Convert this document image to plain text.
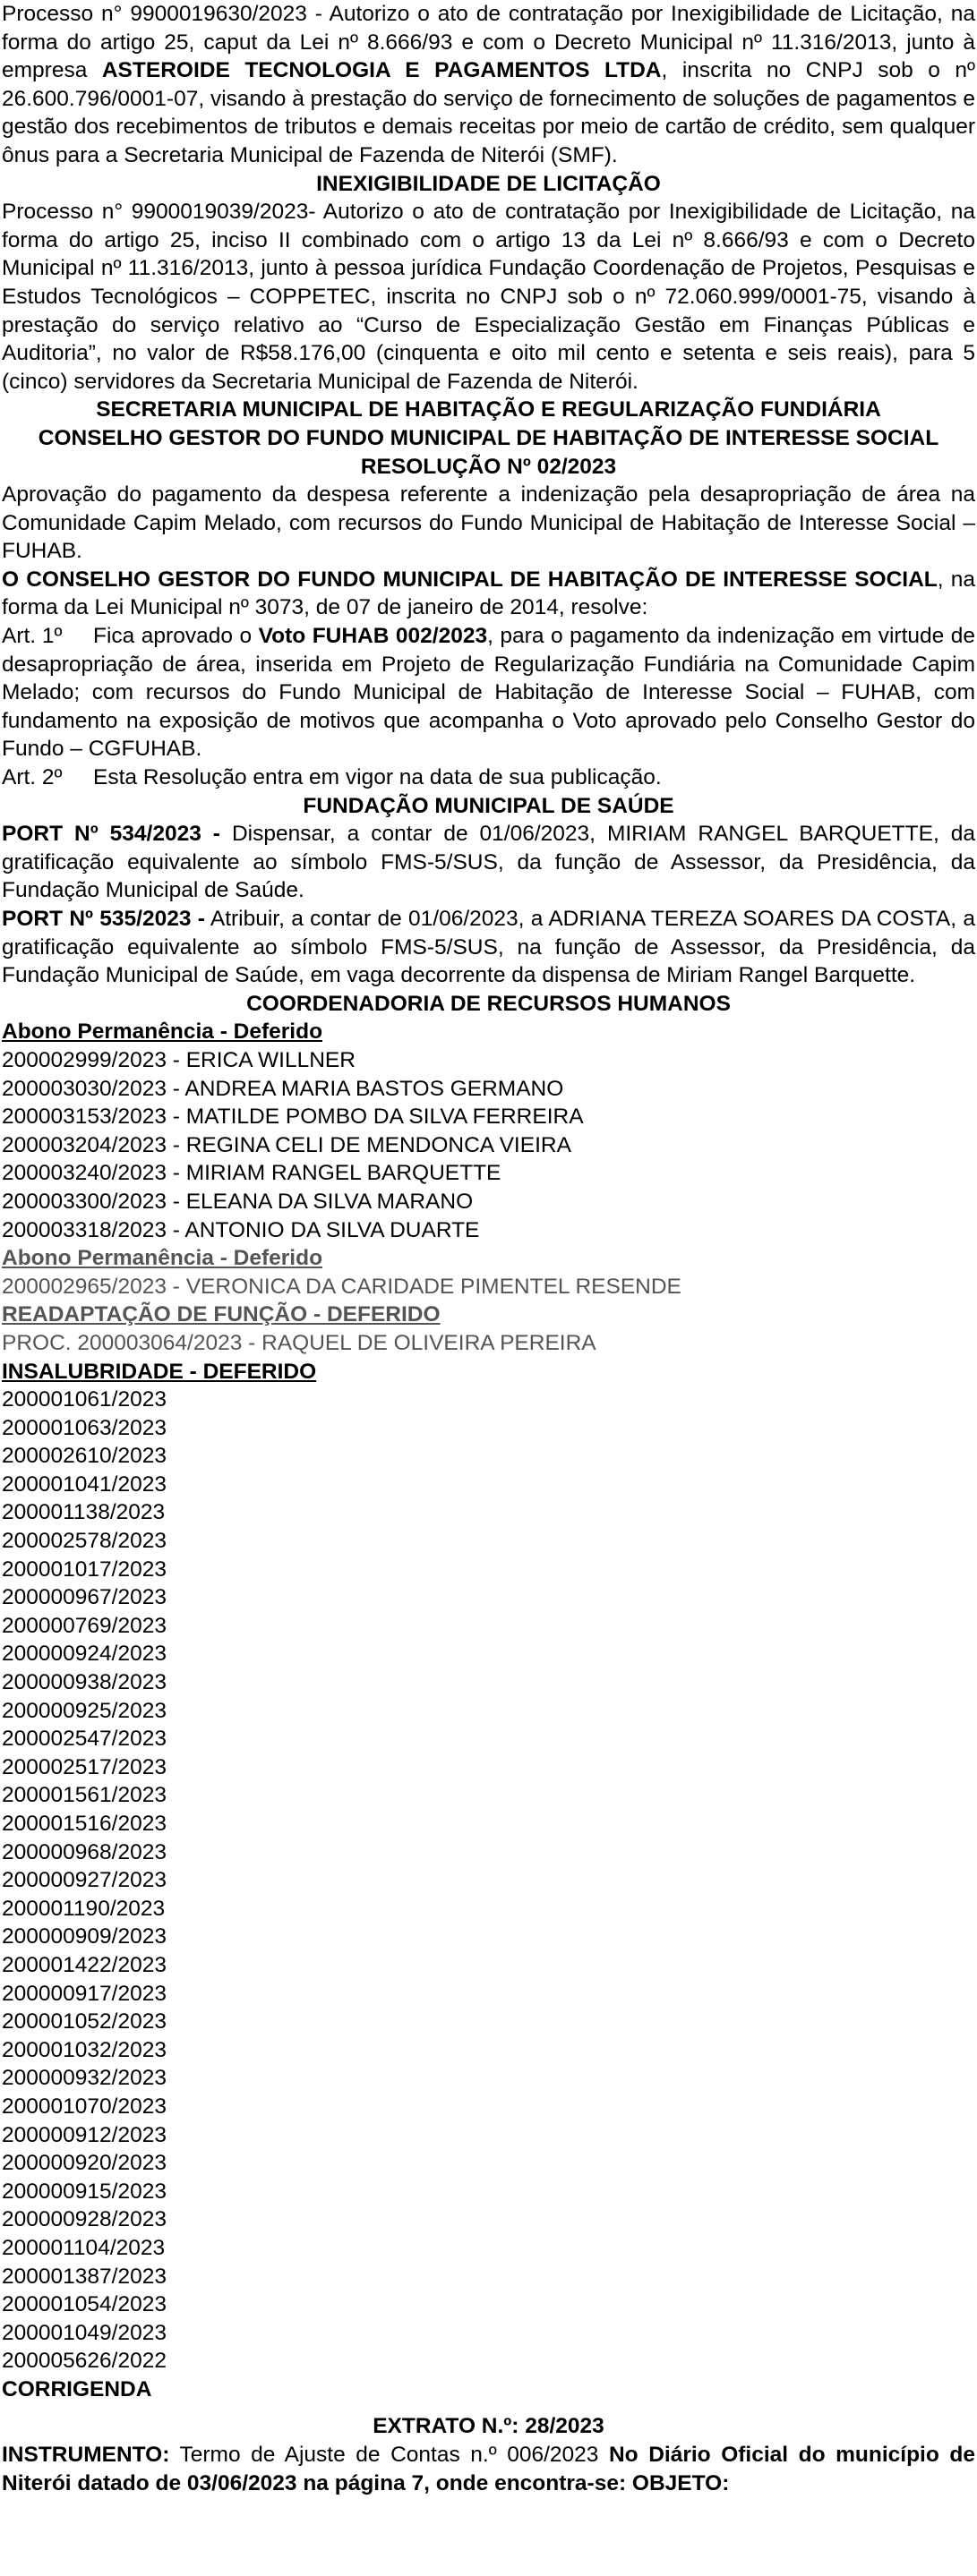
Processo n° 9900019630/2023 - Autorizo o ato de contratação por Inexigibilidade de Licitação, na forma do artigo 25, caput da Lei nº 8.666/93 e com o Decreto Municipal nº 11.316/2013, junto à empresa ASTEROIDE TECNOLOGIA E PAGAMENTOS LTDA, inscrita no CNPJ sob o nº 26.600.796/0001-07, visando à prestação do serviço de fornecimento de soluções de pagamentos e gestão dos recebimentos de tributos e demais receitas por meio de cartão de crédito, sem qualquer ônus para a Secretaria Municipal de Fazenda de Niterói (SMF).

INEXIGIBILIDADE DE LICITAÇÃO

Processo n° 9900019039/2023- Autorizo o ato de contratação por Inexigibilidade de Licitação, na forma do artigo 25, inciso II combinado com o artigo 13 da Lei nº 8.666/93 e com o Decreto Municipal nº 11.316/2013, junto à pessoa jurídica Fundação Coordenação de Projetos, Pesquisas e Estudos Tecnológicos – COPPETEC, inscrita no CNPJ sob o nº 72.060.999/0001-75, visando à prestação do serviço relativo ao “Curso de Especialização Gestão em Finanças Públicas e Auditoria”, no valor de R$58.176,00 (cinquenta e oito mil cento e setenta e seis reais), para 5 (cinco) servidores da Secretaria Municipal de Fazenda de Niterói.

SECRETARIA MUNICIPAL DE HABITAÇÃO E REGULARIZAÇÃO FUNDIÁRIA

CONSELHO GESTOR DO FUNDO MUNICIPAL DE HABITAÇÃO DE INTERESSE SOCIAL

RESOLUÇÃO Nº 02/2023

Aprovação do pagamento da despesa referente a indenização pela desapropriação de área na Comunidade Capim Melado, com recursos do Fundo Municipal de Habitação de Interesse Social – FUHAB.

O CONSELHO GESTOR DO FUNDO MUNICIPAL DE HABITAÇÃO DE INTERESSE SOCIAL, na forma da Lei Municipal nº 3073, de 07 de janeiro de 2014, resolve:

Art. 1º Fica aprovado o Voto FUHAB 002/2023, para o pagamento da indenização em virtude de desapropriação de área, inserida em Projeto de Regularização Fundiária na Comunidade Capim Melado; com recursos do Fundo Municipal de Habitação de Interesse Social – FUHAB, com fundamento na exposição de motivos que acompanha o Voto aprovado pelo Conselho Gestor do Fundo – CGFUHAB.

Art. 2º Esta Resolução entra em vigor na data de sua publicação.

FUNDAÇÃO MUNICIPAL DE SAÚDE

PORT Nº 534/2023 - Dispensar, a contar de 01/06/2023, MIRIAM RANGEL BARQUETTE, da gratificação equivalente ao símbolo FMS-5/SUS, da função de Assessor, da Presidência, da Fundação Municipal de Saúde.

PORT Nº 535/2023 - Atribuir, a contar de 01/06/2023, a ADRIANA TEREZA SOARES DA COSTA, a gratificação equivalente ao símbolo FMS-5/SUS, na função de Assessor, da Presidência, da Fundação Municipal de Saúde, em vaga decorrente da dispensa de Miriam Rangel Barquette.

COORDENADORIA DE RECURSOS HUMANOS

Abono Permanência - Deferido

200002999/2023 - ERICA WILLNER
200003030/2023 - ANDREA MARIA BASTOS GERMANO
200003153/2023 - MATILDE POMBO DA SILVA FERREIRA
200003204/2023 - REGINA CELI DE MENDONCA VIEIRA
200003240/2023 - MIRIAM RANGEL BARQUETTE
200003300/2023 - ELEANA DA SILVA MARANO
200003318/2023 - ANTONIO DA SILVA DUARTE

Abono Permanência - Deferido

200002965/2023 - VERONICA DA CARIDADE PIMENTEL RESENDE

READAPTAÇÃO DE FUNÇÃO - DEFERIDO

PROC. 200003064/2023 - RAQUEL DE OLIVEIRA PEREIRA

INSALUBRIDADE - DEFERIDO

200001061/2023
200001063/2023
200002610/2023
200001041/2023
200001138/2023
200002578/2023
200001017/2023
200000967/2023
200000769/2023
200000924/2023
200000938/2023
200000925/2023
200002547/2023
200002517/2023
200001561/2023
200001516/2023
200000968/2023
200000927/2023
200001190/2023
200000909/2023
200001422/2023
200000917/2023
200001052/2023
200001032/2023
200000932/2023
200001070/2023
200000912/2023
200000920/2023
200000915/2023
200000928/2023
200001104/2023
200001387/2023
200001054/2023
200001049/2023
200005626/2022

CORRIGENDA

EXTRATO N.º: 28/2023

INSTRUMENTO: Termo de Ajuste de Contas n.º 006/2023 No Diário Oficial do município de Niterói datado de 03/06/2023 na página 7, onde encontra-se: OBJETO:
